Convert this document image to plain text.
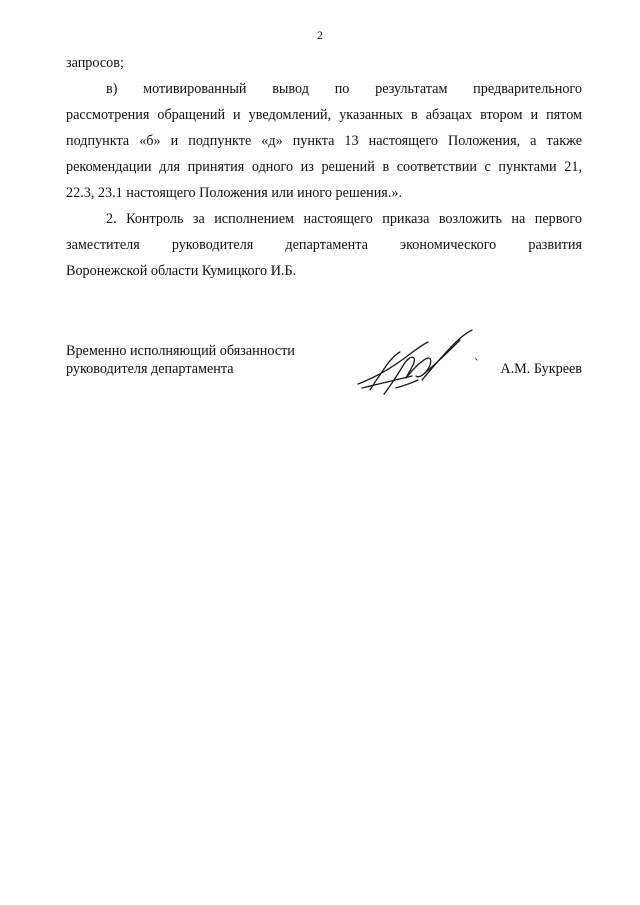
2
запросов;
в) мотивированный вывод по результатам предварительного
рассмотрения обращений и уведомлений, указанных в абзацах втором и пятом
подпункта «б» и подпункте «д» пункта 13 настоящего Положения, а также
рекомендации для принятия одного из решений в соответствии с пунктами 21,
22.3, 23.1 настоящего Положения или иного решения.».
2. Контроль за исполнением настоящего приказа возложить на первого
заместителя руководителя департамента экономического развития
Воронежской области Кумицкого И.Б.
Временно исполняющий обязанности
руководителя департамента	` А.М. Букреев
